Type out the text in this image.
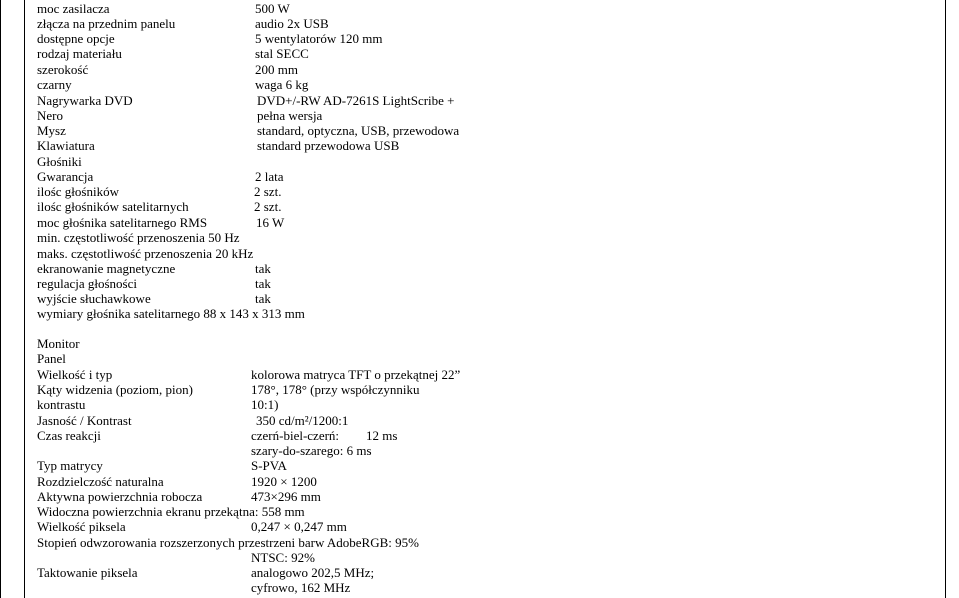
moc zasilacza	500 W
złącza na przednim panelu	audio 2x USB
dostępne opcje	5 wentylatorów 120 mm
rodzaj materiału	stal SECC
szerokość	200 mm
czarny	waga 6 kg
Nagrywarka DVD	DVD+/-RW AD-7261S LightScribe +
Nero	pełna wersja
Mysz	standard, optyczna, USB, przewodowa
Klawiatura	standard przewodowa USB
Głośniki
Gwarancja	2 lata
ilośc głośników	2 szt.
ilośc głośników satelitarnych	2 szt.
moc głośnika satelitarnego RMS	16 W
min. częstotliwość przenoszenia 50 Hz
maks. częstotliwość przenoszenia 20 kHz
ekranowanie magnetyczne	tak
regulacja głośności	tak
wyjście słuchawkowe	tak
wymiary głośnika satelitarnego 88 x 143 x 313 mm
Monitor
Panel
Wielkość i typ	kolorowa matryca TFT o przekątnej 22”
Kąty widzenia (poziom, pion)	178°, 178° (przy współczynniku
kontrastu	10:1)
Jasność / Kontrast	350 cd/m²/1200:1
Czas reakcji	czerń-biel-czerń: 12 ms
szary-do-szarego: 6 ms
Typ matrycy	S-PVA
Rozdzielczość naturalna	1920 × 1200
Aktywna powierzchnia robocza	473×296 mm
Widoczna powierzchnia ekranu przekątna: 558 mm
Wielkość piksela	0,247 × 0,247 mm
Stopień odwzorowania rozszerzonych przestrzeni barw AdobeRGB: 95%
NTSC: 92%
Taktowanie piksela	analogowo 202,5 MHz;
cyfrowo, 162 MHz
